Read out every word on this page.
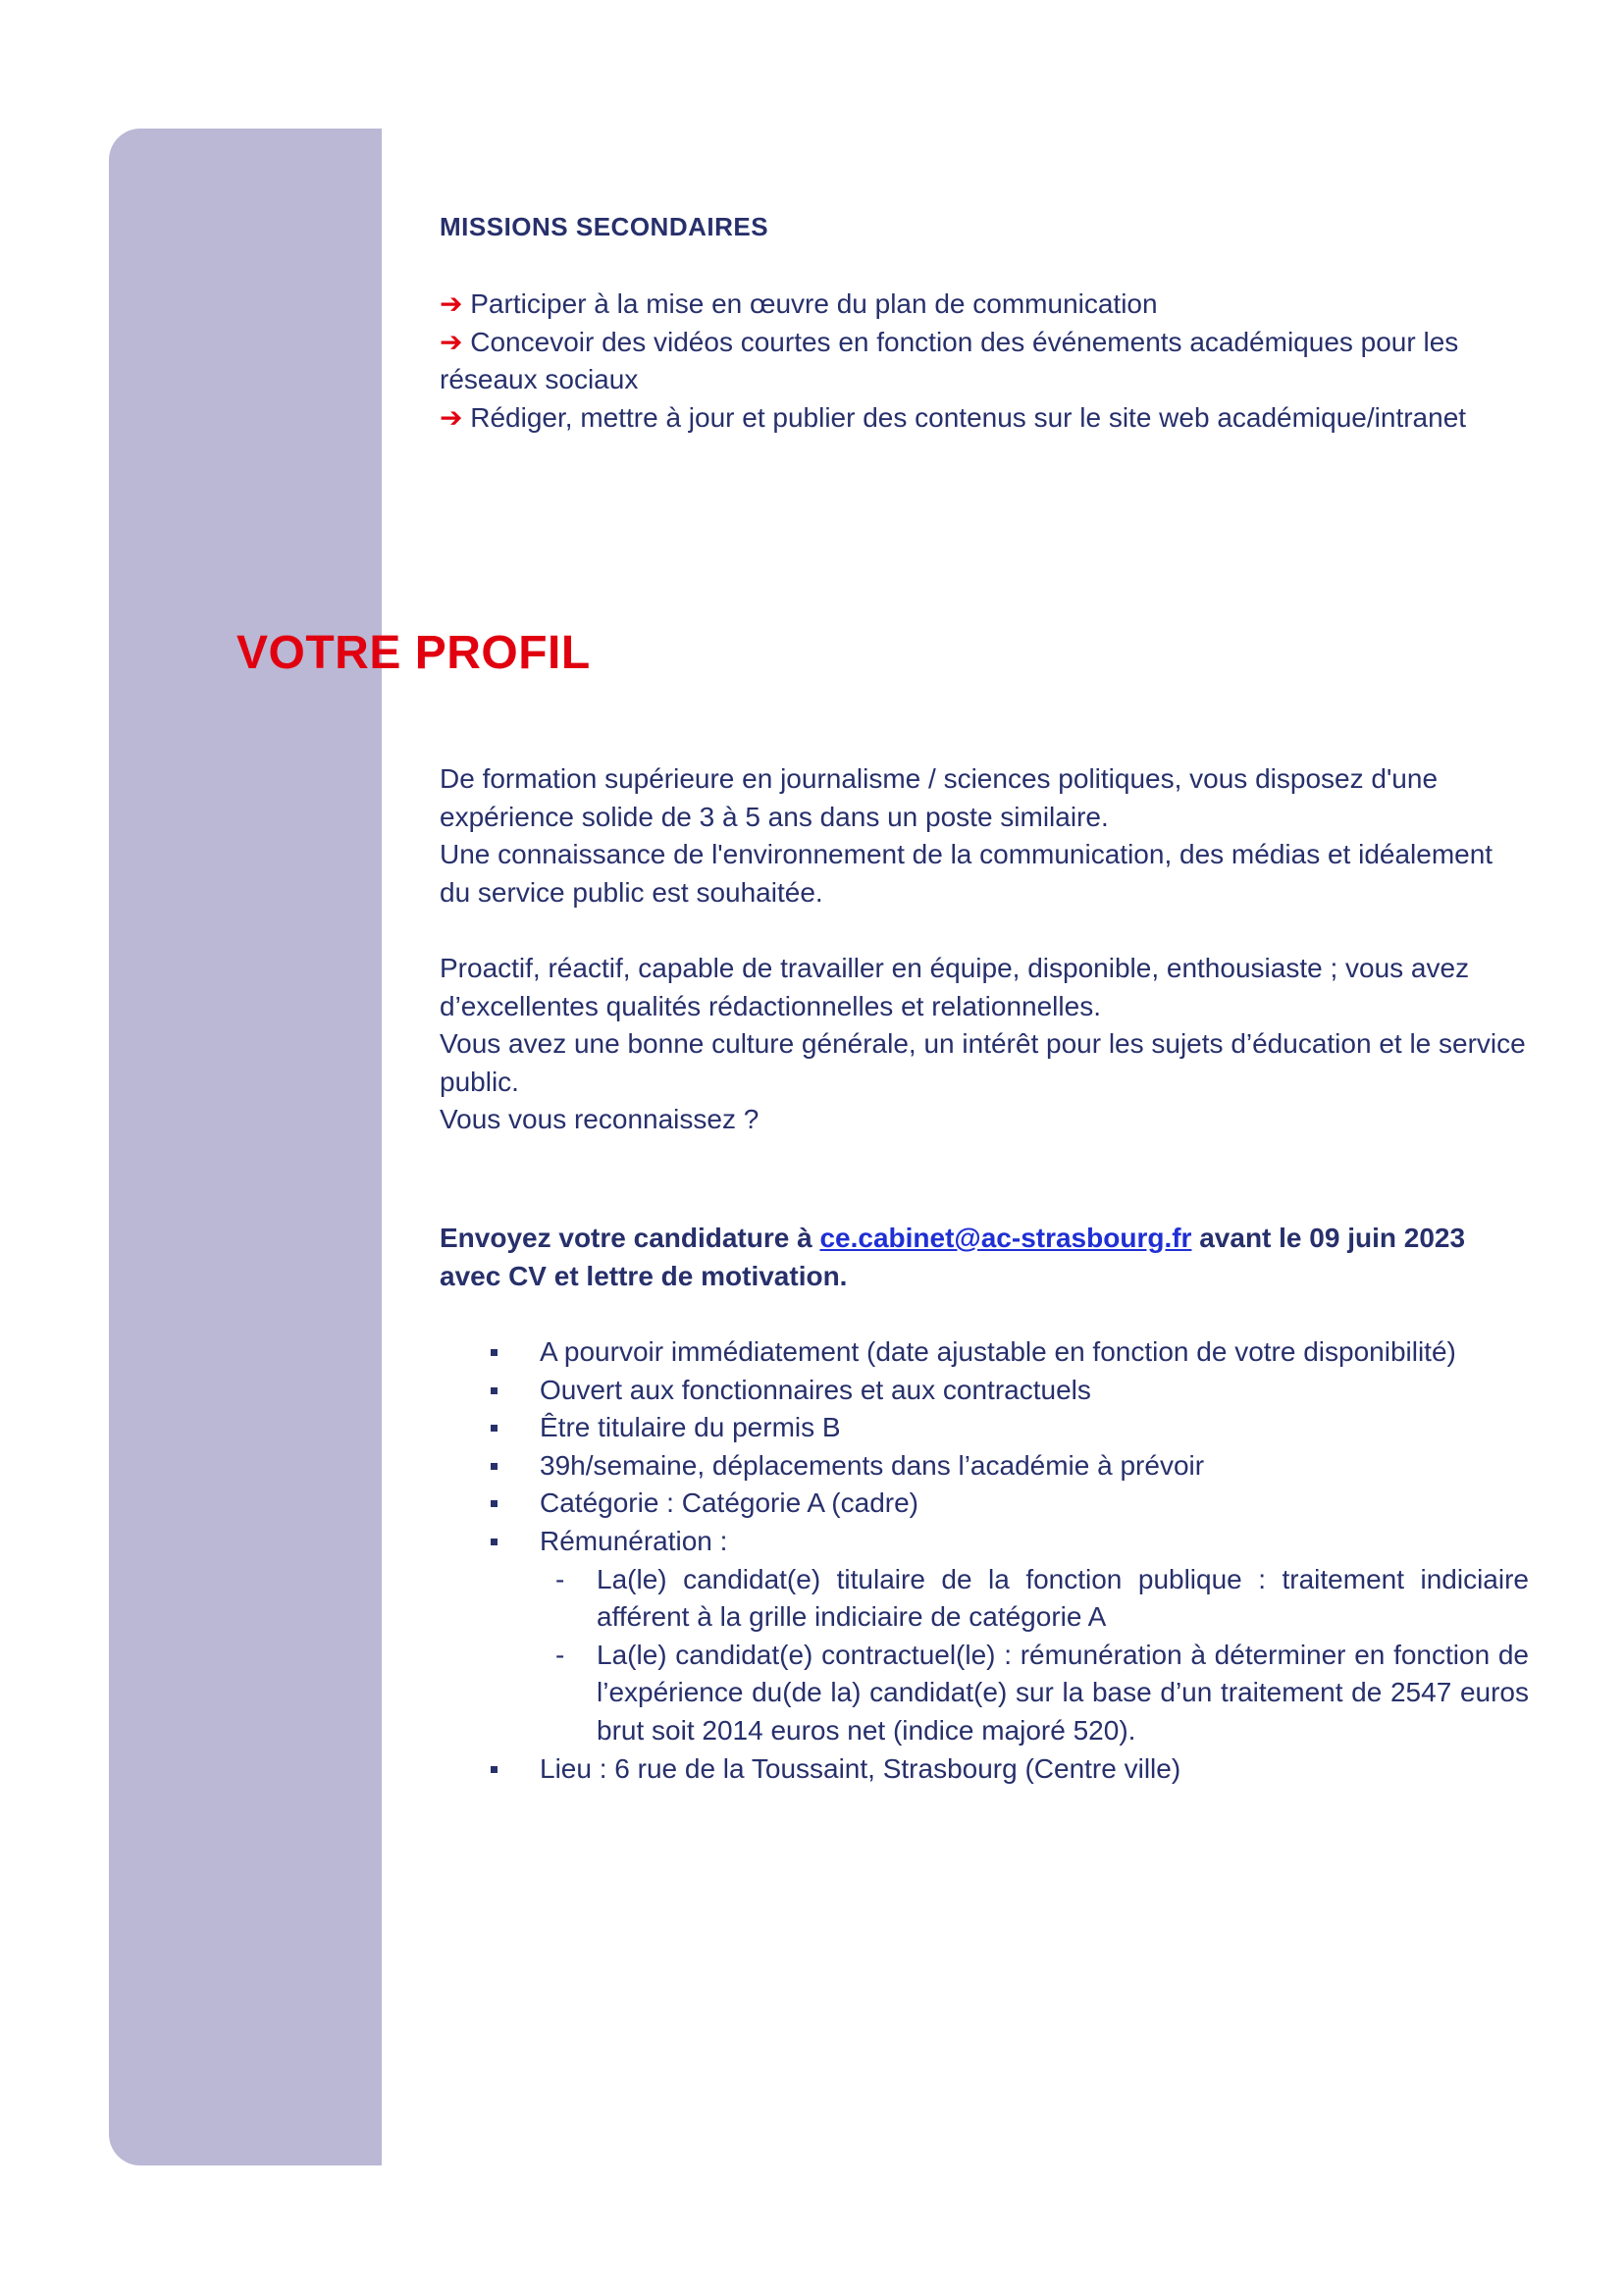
MISSIONS SECONDAIRES
➔ Participer à la mise en œuvre du plan de communication
➔ Concevoir des vidéos courtes en fonction des événements académiques pour les réseaux sociaux
➔ Rédiger, mettre à jour et publier des contenus sur le site web académique/intranet
VOTRE PROFIL

De formation supérieure en journalisme / sciences politiques, vous disposez d'une expérience solide de 3 à 5 ans dans un poste similaire.
Une connaissance de l'environnement de la communication, des médias et idéalement du service public est souhaitée.

Proactif, réactif, capable de travailler en équipe, disponible, enthousiaste ; vous avez d’excellentes qualités rédactionnelles et relationnelles.
Vous avez une bonne culture générale, un intérêt pour les sujets d’éducation et le service public.
Vous vous reconnaissez ?

Envoyez votre candidature à ce.cabinet@ac-strasbourg.fr avant le 09 juin 2023 avec CV et lettre de motivation.
A pourvoir immédiatement (date ajustable en fonction de votre disponibilité)
Ouvert aux fonctionnaires et aux contractuels
Être titulaire du permis B
39h/semaine, déplacements dans l’académie à prévoir
Catégorie : Catégorie A (cadre)
Rémunération :
- La(le) candidat(e) titulaire de la fonction publique : traitement indiciaire afférent à la grille indiciaire de catégorie A
- La(le) candidat(e) contractuel(le) : rémunération à déterminer en fonction de l’expérience du(de la) candidat(e) sur la base d’un traitement de 2547 euros brut soit 2014 euros net (indice majoré 520).
Lieu : 6 rue de la Toussaint, Strasbourg (Centre ville)
